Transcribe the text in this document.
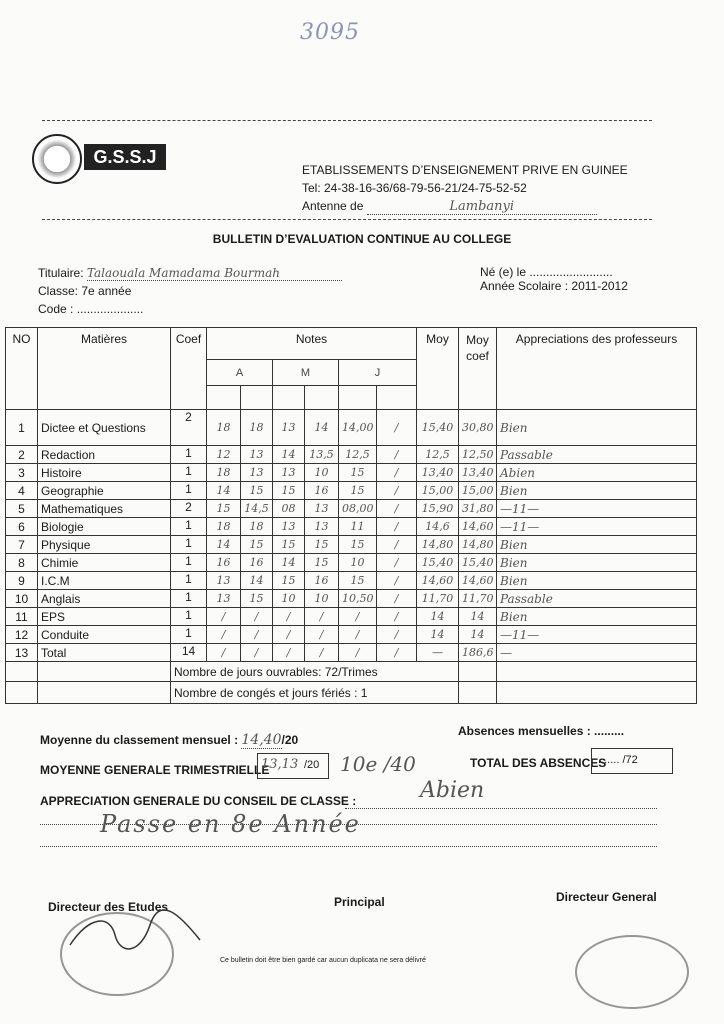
3095
G.S.S.J
ETABLISSEMENTS D’ENSEIGNEMENT PRIVE EN GUINEE
Tel: 24-38-16-36/68-79-56-21/24-75-52-52
Antenne de	Lambanyi
BULLETIN D’EVALUATION CONTINUE AU COLLEGE
Titulaire: Talaouala Mamadama Bourmah
Classe: 7e année
Code : ....................
Né (e) le .........................
Année Scolaire : 2011-2012
NO	Matières	Coef	Notes						Moy	Moy coef	Appreciations des professeurs
			A		M		J				

1	Dictee et Questions	2	18	18	13	14	14,00	/	15,40	30,80	Bien
2	Redaction	1	12	13	14	13,5	12,5	/	12,5	12,50	Passable
3	Histoire	1	18	13	13	10	15	/	13,40	13,40	Abien
4	Geographie	1	14	15	15	16	15	/	15,00	15,00	Bien
5	Mathematiques	2	15	14,5	08	13	08,00	/	15,90	31,80	—11—
6	Biologie	1	18	18	13	13	11	/	14,6	14,60	—11—
7	Physique	1	14	15	15	15	15	/	14,80	14,80	Bien
8	Chimie	1	16	16	14	15	10	/	15,40	15,40	Bien
9	I.C.M	1	13	14	15	16	15	/	14,60	14,60	Bien
10	Anglais	1	13	15	10	10	10,50	/	11,70	11,70	Passable
11	EPS	1	/	/	/	/	/	/	14	14	Bien
12	Conduite	1	/	/	/	/	/	/	14	14	—11—
13	Total	14	/	/	/	/	/	/	—	186,6	—
		Nombre de jours ouvrables: 72/Trimes									
		Nombre de congés et jours fériés : 1									
Moyenne du classement mensuel : 14,40/20
Absences mensuelles : .........
MOYENNE GENERALE TRIMESTRIELLE
13,13 /20 10e /40	TOTAL DES ABSENCES
....... /72
APPRECIATION GENERALE DU CONSEIL DE CLASSE :	Abien
Passe en 8e Année
Directeur des Etudes	Principal	Directeur General
Ce bulletin doit être bien gardé car aucun duplicata ne sera délivré
